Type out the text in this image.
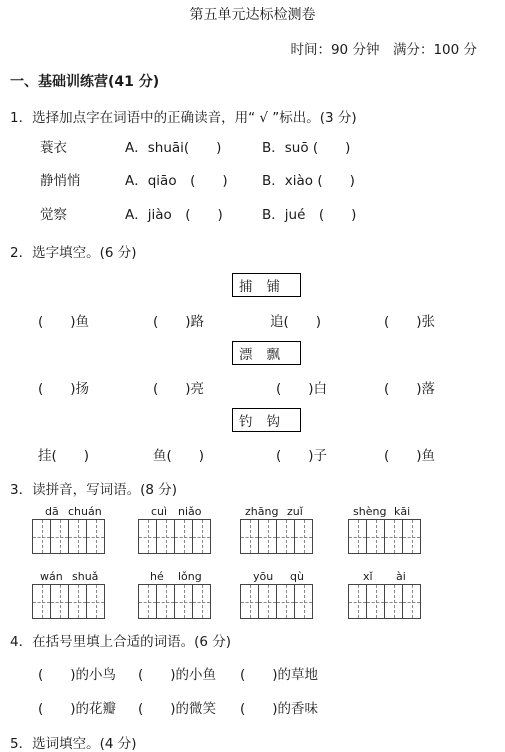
第五单元达标检测卷
时间：90 分钟　满分：100 分
一、基础训练营(41 分)
1．选择加点字在词语中的正确读音，用“ √ ”标出。(3 分)
蓑衣	A．shuāi(　　)	B．suō (　　)
静悄悄	A．qiāo　(　　)	B．xiào (　　)
觉察	A．jiào　(　　)	B．jué　(　　)
2．选字填空。(6 分)
捕铺
(　　)鱼	(　　)路	追(　　)	(　　)张
漂飘
(　　)扬	(　　)亮	(　　)白	(　　)落
钓钩
挂(　　)	鱼(　　)	(　　)子	(　　)鱼
3．读拼音，写词语。(8 分)
dā chuán	cuì niǎo	zhāng zuǐ	shèng kāi
wán shuǎ	hé lǒng	yōu qù	xǐ ài
4．在括号里填上合适的词语。(6 分)
(　　)的小鸟 (　　)的小鱼 (　　)的草地
(　　)的花瓣 (　　)的微笑 (　　)的香味
5．选词填空。(4 分)
